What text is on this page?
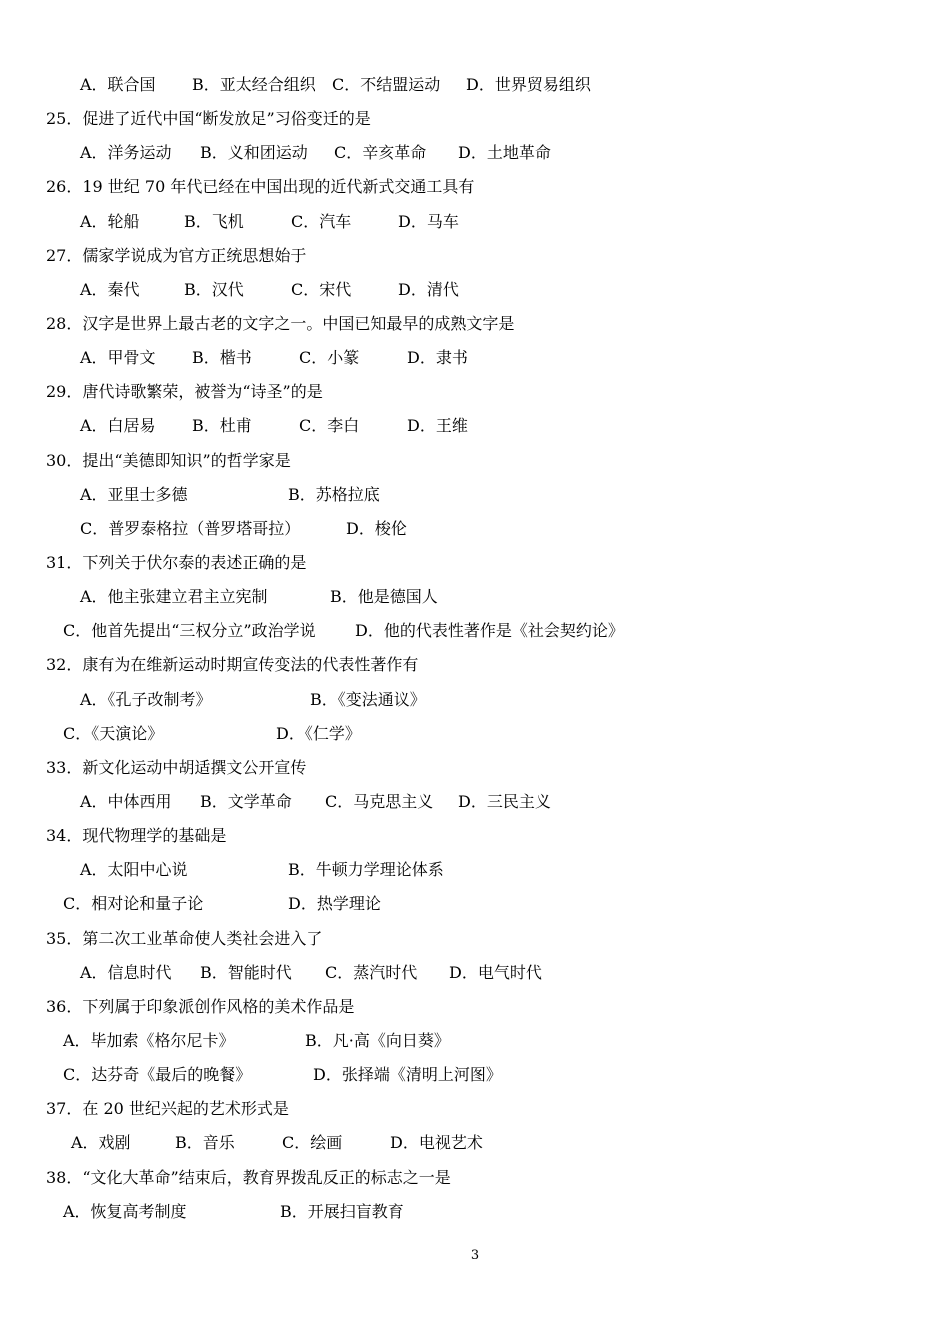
A．联合国 B．亚太经合组织 C．不结盟运动 D．世界贸易组织
25．促进了近代中国“断发放足”习俗变迁的是
A．洋务运动 B．义和团运动 C．辛亥革命 D．土地革命
26．19 世纪 70 年代已经在中国出现的近代新式交通工具有
A．轮船	B．飞机	C．汽车	D．马车
27．儒家学说成为官方正统思想始于
A．秦代	B．汉代	C．宋代	D．清代
28．汉字是世界上最古老的文字之一。中国已知最早的成熟文字是
A．甲骨文 B．楷书	C．小篆	D．隶书
29．唐代诗歌繁荣，被誉为“诗圣”的是
A．白居易 B．杜甫	C．李白	D．王维
30．提出“美德即知识”的哲学家是
A．亚里士多德	B．苏格拉底
C．普罗泰格拉（普罗塔哥拉）	D．梭伦
31．下列关于伏尔泰的表述正确的是
A．他主张建立君主立宪制	B．他是德国人
C．他首先提出“三权分立”政治学说 D．他的代表性著作是《社会契约论》
32．康有为在维新运动时期宣传变法的代表性著作有
A．《孔子改制考》	B．《变法通议》
C．《天演论》	D．《仁学》
33．新文化运动中胡适撰文公开宣传
A．中体西用 B．文学革命 C．马克思主义 D．三民主义
34．现代物理学的基础是
A．太阳中心说	B．牛顿力学理论体系
C．相对论和量子论	D．热学理论
35．第二次工业革命使人类社会进入了
A．信息时代 B．智能时代 C．蒸汽时代 D．电气时代
36．下列属于印象派创作风格的美术作品是
A．毕加索《格尔尼卡》	B．凡·高《向日葵》
C．达芬奇《最后的晚餐》	D．张择端《清明上河图》
37．在 20 世纪兴起的艺术形式是
A．戏剧	B．音乐	C．绘画	D．电视艺术
38．“文化大革命”结束后，教育界拨乱反正的标志之一是
A．恢复高考制度	B．开展扫盲教育
3
